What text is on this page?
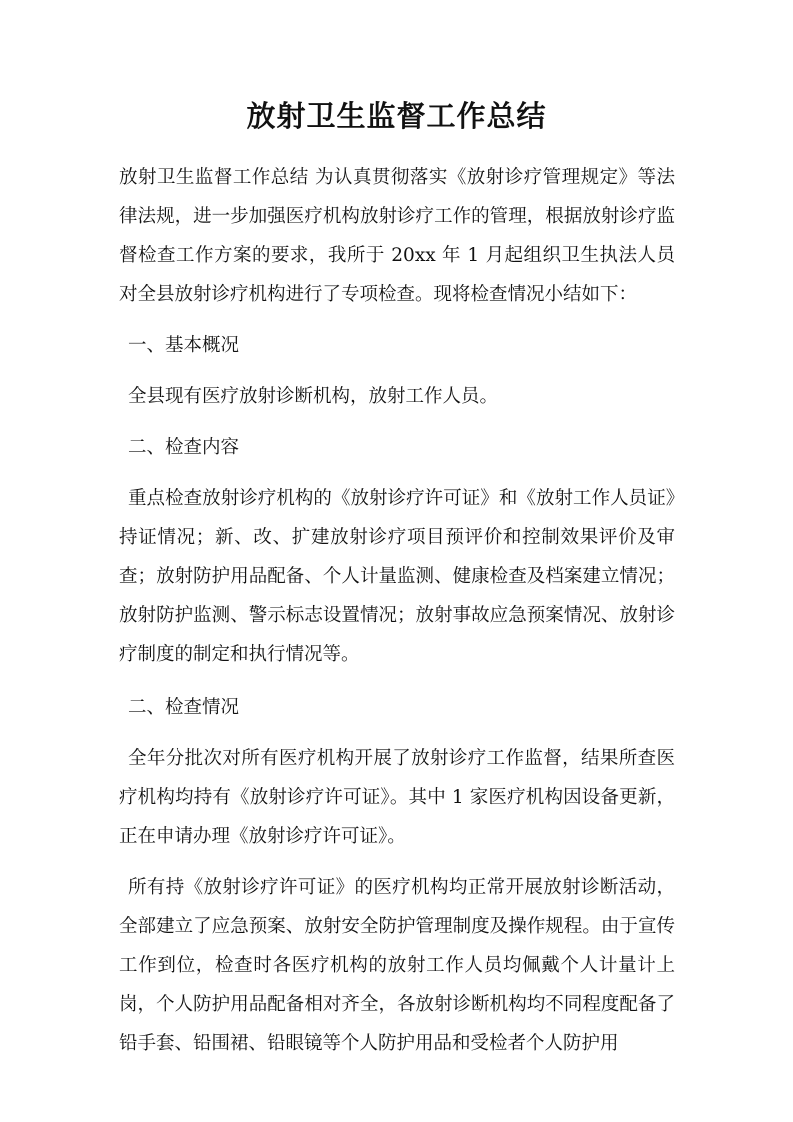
放射卫生监督工作总结

放射卫生监督工作总结 为认真贯彻落实《放射诊疗管理规定》等法律法规，进一步加强医疗机构放射诊疗工作的管理，根据放射诊疗监督检查工作方案的要求，我所于 20xx 年 1 月起组织卫生执法人员对全县放射诊疗机构进行了专项检查。现将检查情况小结如下：

一、基本概况

全县现有医疗放射诊断机构，放射工作人员。

二、检查内容

重点检查放射诊疗机构的《放射诊疗许可证》和《放射工作人员证》持证情况；新、改、扩建放射诊疗项目预评价和控制效果评价及审查；放射防护用品配备、个人计量监测、健康检查及档案建立情况；放射防护监测、警示标志设置情况；放射事故应急预案情况、放射诊疗制度的制定和执行情况等。

二、检查情况

全年分批次对所有医疗机构开展了放射诊疗工作监督，结果所查医疗机构均持有《放射诊疗许可证》。其中 1 家医疗机构因设备更新，正在申请办理《放射诊疗许可证》。

所有持《放射诊疗许可证》的医疗机构均正常开展放射诊断活动，全部建立了应急预案、放射安全防护管理制度及操作规程。由于宣传工作到位，检查时各医疗机构的放射工作人员均佩戴个人计量计上岗，个人防护用品配备相对齐全，各放射诊断机构均不同程度配备了铅手套、铅围裙、铅眼镜等个人防护用品和受检者个人防护用
